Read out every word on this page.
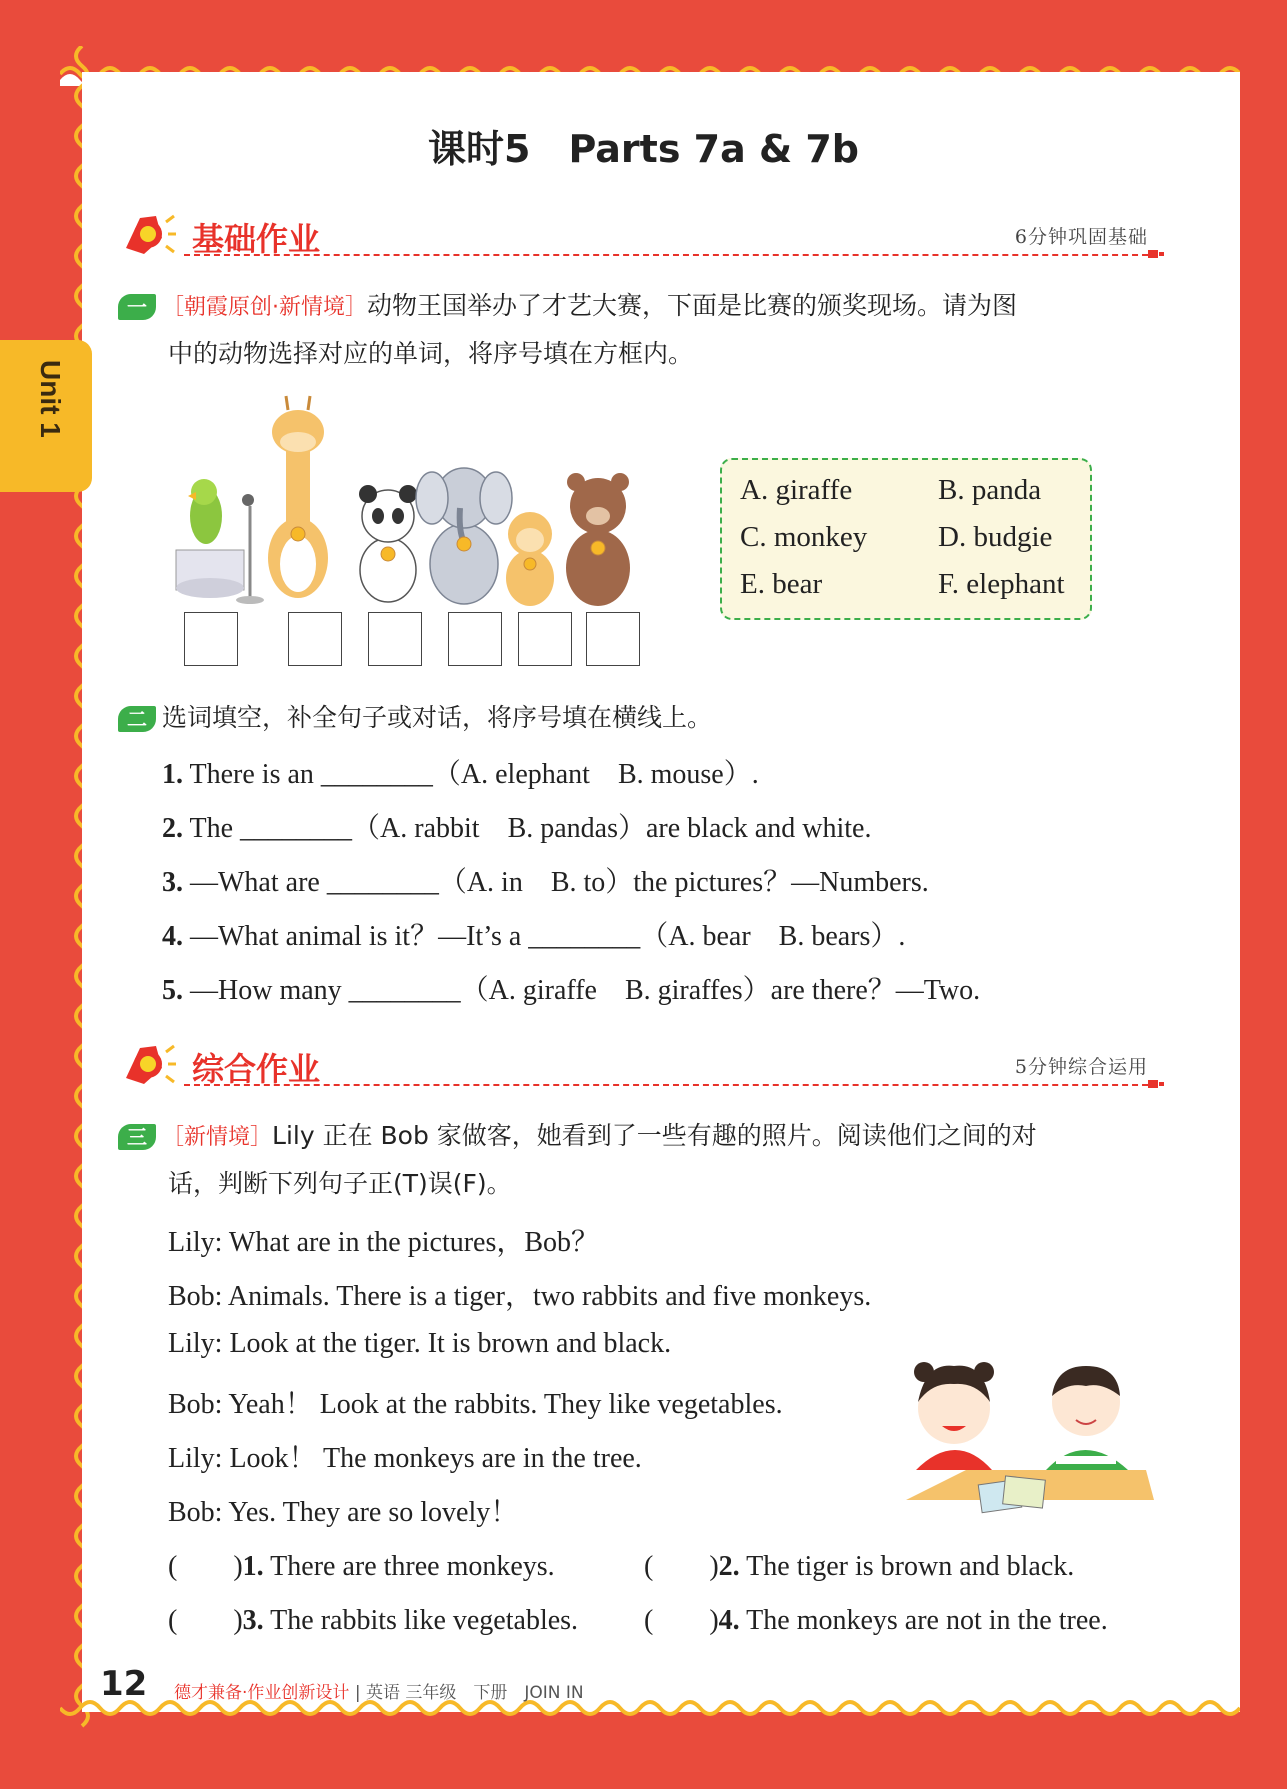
Unit 1
课时5　Parts 7a & 7b
基础作业	6分钟巩固基础
一 ［朝霞原创·新情境］动物王国举办了才艺大赛，下面是比赛的颁奖现场。请为图
中的动物选择对应的单词，将序号填在方框内。
A. giraffe	B. panda
C. monkey D. budgie
E. bear	F. elephant
二 选词填空，补全句子或对话，将序号填在横线上。
1. There is an ________（A. elephant　B. mouse）.
2. The ________（A. rabbit　B. pandas）are black and white.
3. —What are ________（A. in　B. to）the pictures？—Numbers.
4. —What animal is it？—It’s a ________（A. bear　B. bears）.
5. —How many ________（A. giraffe　B. giraffes）are there？—Two.
综合作业	5分钟综合运用
三 ［新情境］Lily 正在 Bob 家做客，她看到了一些有趣的照片。阅读他们之间的对
话，判断下列句子正(T)误(F)。
Lily: What are in the pictures，Bob？
Bob: Animals. There is a tiger，two rabbits and five monkeys.
Lily: Look at the tiger. It is brown and black.
Bob: Yeah！ Look at the rabbits. They like vegetables.
Lily: Look！ The monkeys are in the tree.
Bob: Yes. They are so lovely！
(　　)1. There are three monkeys.	(　　)2. The tiger is brown and black.
(　　)3. The rabbits like vegetables. (　　)4. The monkeys are not in the tree.
12 德才兼备·作业创新设计 | 英语 三年级　下册　JOIN IN
